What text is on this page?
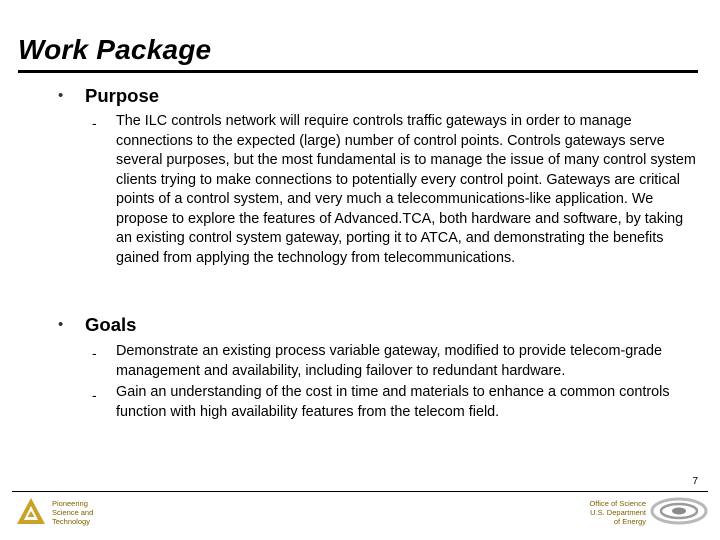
Work Package
• Purpose
- The ILC controls network will require controls traffic gateways in order to manage connections to the expected (large) number of control points. Controls gateways serve several purposes, but the most fundamental is to manage the issue of many control system clients trying to make connections to potentially every control point. Gateways are critical points of a control system, and very much a telecommunications-like application. We propose to explore the features of Advanced.TCA, both hardware and software, by taking an existing control system gateway, porting it to ATCA, and demonstrating the benefits gained from applying the technology from telecommunications.
• Goals
- Demonstrate an existing process variable gateway, modified to provide telecom-grade management and availability, including failover to redundant hardware.
- Gain an understanding of the cost in time and materials to enhance a common controls function with high availability features from the telecom field.
7
Pioneering
Science and
Technology
Office of Science
U.S. Department
of Energy
